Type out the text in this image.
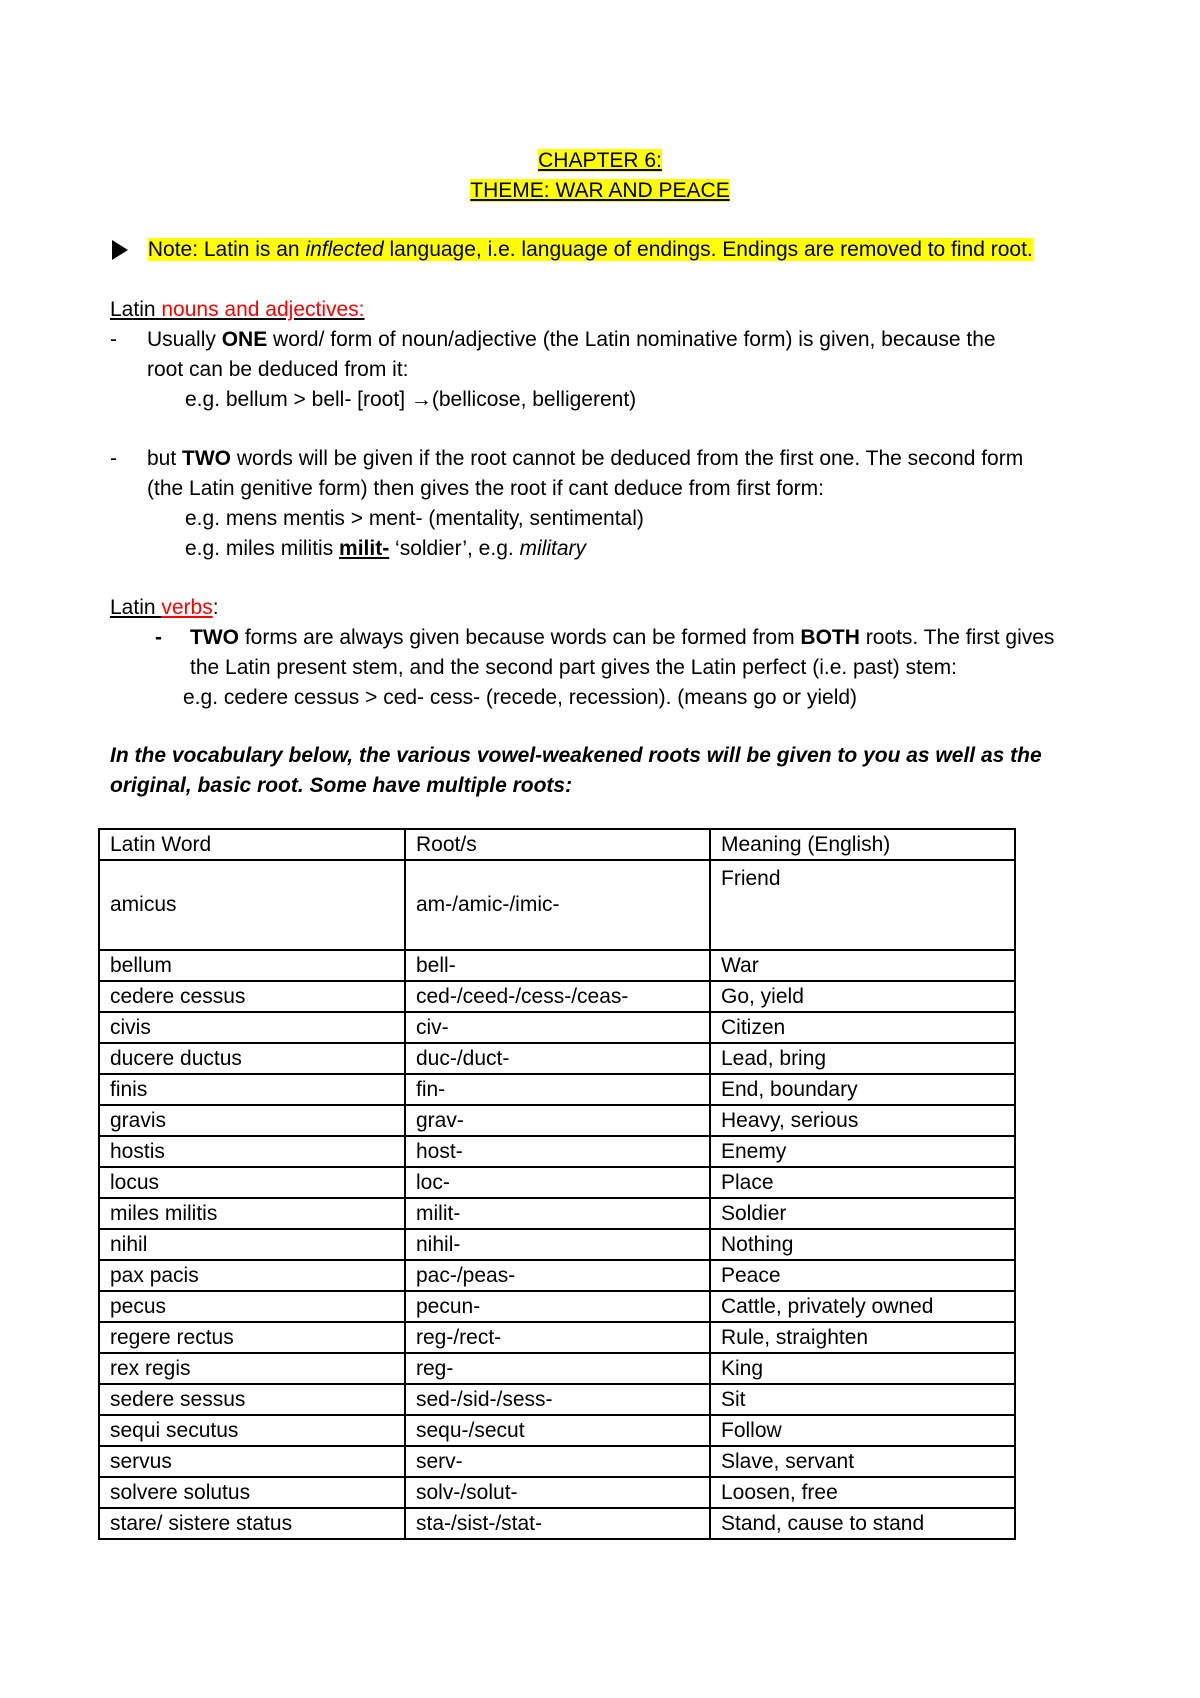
CHAPTER 6:
THEME: WAR AND PEACE
Note: Latin is an inflected language, i.e. language of endings. Endings are removed to find root.
Latin nouns and adjectives:
- Usually ONE word/ form of noun/adjective (the Latin nominative form) is given, because the
root can be deduced from it:
e.g. bellum > bell- [root] →(bellicose, belligerent)
- but TWO words will be given if the root cannot be deduced from the first one. The second form
(the Latin genitive form) then gives the root if cant deduce from first form:
e.g. mens mentis > ment- (mentality, sentimental)
e.g. miles militis milit- ‘soldier’, e.g. military
Latin verbs:
- TWO forms are always given because words can be formed from BOTH roots. The first gives
the Latin present stem, and the second part gives the Latin perfect (i.e. past) stem:
e.g. cedere cessus > ced- cess- (recede, recession). (means go or yield)
In the vocabulary below, the various vowel-weakened roots will be given to you as well as the
original, basic root. Some have multiple roots:
Latin Word	Root/s	Meaning (English)
amicus	am-/amic-/imic-	Friend
bellum	bell-	War
cedere cessus	ced-/ceed-/cess-/ceas-	Go, yield
civis	civ-	Citizen
ducere ductus	duc-/duct-	Lead, bring
finis	fin-	End, boundary
gravis	grav-	Heavy, serious
hostis	host-	Enemy
locus	loc-	Place
miles militis	milit-	Soldier
nihil	nihil-	Nothing
pax pacis	pac-/peas-	Peace
pecus	pecun-	Cattle, privately owned
regere rectus	reg-/rect-	Rule, straighten
rex regis	reg-	King
sedere sessus	sed-/sid-/sess-	Sit
sequi secutus	sequ-/secut	Follow
servus	serv-	Slave, servant
solvere solutus	solv-/solut-	Loosen, free
stare/ sistere status	sta-/sist-/stat-	Stand, cause to stand
